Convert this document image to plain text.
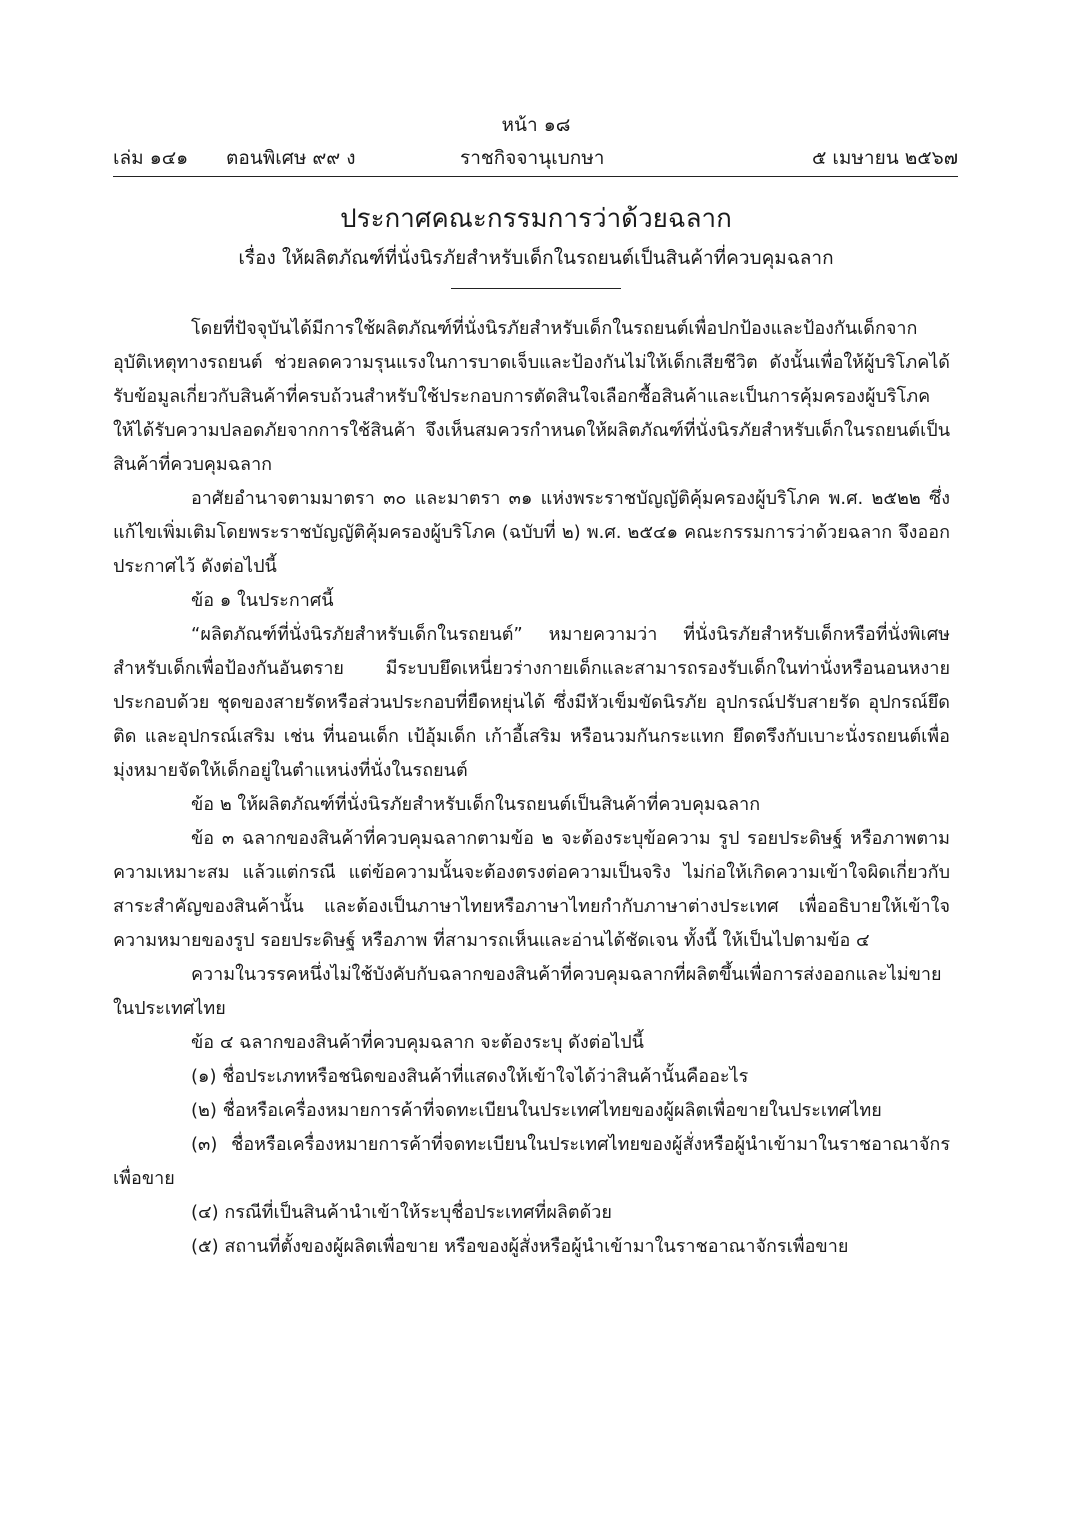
หน้า ๑๘
เล่ม ๑๔๑ ตอนพิเศษ ๙๙ ง	ราชกิจจานุเบกษา	๕ เมษายน ๒๕๖๗
ประกาศคณะกรรมการว่าด้วยฉลาก
เรื่อง ให้ผลิตภัณฑ์ที่นั่งนิรภัยสำหรับเด็กในรถยนต์เป็นสินค้าที่ควบคุมฉลาก

โดยที่ปัจจุบันได้มีการใช้ผลิตภัณฑ์ที่นั่งนิรภัยสำหรับเด็กในรถยนต์เพื่อปกป้องและป้องกันเด็กจากอุบัติเหตุทางรถยนต์ ช่วยลดความรุนแรงในการบาดเจ็บและป้องกันไม่ให้เด็กเสียชีวิต ดังนั้นเพื่อให้ผู้บริโภคได้รับข้อมูลเกี่ยวกับสินค้าที่ครบถ้วนสำหรับใช้ประกอบการตัดสินใจเลือกซื้อสินค้าและเป็นการคุ้มครองผู้บริโภคให้ได้รับความปลอดภัยจากการใช้สินค้า จึงเห็นสมควรกำหนดให้ผลิตภัณฑ์ที่นั่งนิรภัยสำหรับเด็กในรถยนต์เป็นสินค้าที่ควบคุมฉลาก

อาศัยอำนาจตามมาตรา ๓๐ และมาตรา ๓๑ แห่งพระราชบัญญัติคุ้มครองผู้บริโภค พ.ศ. ๒๕๒๒ ซึ่งแก้ไขเพิ่มเติมโดยพระราชบัญญัติคุ้มครองผู้บริโภค (ฉบับที่ ๒) พ.ศ. ๒๕๔๑ คณะกรรมการว่าด้วยฉลาก จึงออกประกาศไว้ ดังต่อไปนี้

ข้อ ๑ ในประกาศนี้

“ผลิตภัณฑ์ที่นั่งนิรภัยสำหรับเด็กในรถยนต์” หมายความว่า ที่นั่งนิรภัยสำหรับเด็กหรือที่นั่งพิเศษสำหรับเด็กเพื่อป้องกันอันตราย มีระบบยึดเหนี่ยวร่างกายเด็กและสามารถรองรับเด็กในท่านั่งหรือนอนหงาย ประกอบด้วย ชุดของสายรัดหรือส่วนประกอบที่ยืดหยุ่นได้ ซึ่งมีหัวเข็มขัดนิรภัย อุปกรณ์ปรับสายรัด อุปกรณ์ยึดติด และอุปกรณ์เสริม เช่น ที่นอนเด็ก เป้อุ้มเด็ก เก้าอี้เสริม หรือนวมกันกระแทก ยึดตรึงกับเบาะนั่งรถยนต์เพื่อมุ่งหมายจัดให้เด็กอยู่ในตำแหน่งที่นั่งในรถยนต์

ข้อ ๒ ให้ผลิตภัณฑ์ที่นั่งนิรภัยสำหรับเด็กในรถยนต์เป็นสินค้าที่ควบคุมฉลาก

ข้อ ๓ ฉลากของสินค้าที่ควบคุมฉลากตามข้อ ๒ จะต้องระบุข้อความ รูป รอยประดิษฐ์ หรือภาพตามความเหมาะสม แล้วแต่กรณี แต่ข้อความนั้นจะต้องตรงต่อความเป็นจริง ไม่ก่อให้เกิดความเข้าใจผิดเกี่ยวกับสาระสำคัญของสินค้านั้น และต้องเป็นภาษาไทยหรือภาษาไทยกำกับภาษาต่างประเทศ เพื่ออธิบายให้เข้าใจความหมายของรูป รอยประดิษฐ์ หรือภาพ ที่สามารถเห็นและอ่านได้ชัดเจน ทั้งนี้ ให้เป็นไปตามข้อ ๔

ความในวรรคหนึ่งไม่ใช้บังคับกับฉลากของสินค้าที่ควบคุมฉลากที่ผลิตขึ้นเพื่อการส่งออกและไม่ขายในประเทศไทย

ข้อ ๔ ฉลากของสินค้าที่ควบคุมฉลาก จะต้องระบุ ดังต่อไปนี้

(๑) ชื่อประเภทหรือชนิดของสินค้าที่แสดงให้เข้าใจได้ว่าสินค้านั้นคืออะไร

(๒) ชื่อหรือเครื่องหมายการค้าที่จดทะเบียนในประเทศไทยของผู้ผลิตเพื่อขายในประเทศไทย

(๓) ชื่อหรือเครื่องหมายการค้าที่จดทะเบียนในประเทศไทยของผู้สั่งหรือผู้นำเข้ามาในราชอาณาจักรเพื่อขาย

(๔) กรณีที่เป็นสินค้านำเข้าให้ระบุชื่อประเทศที่ผลิตด้วย

(๕) สถานที่ตั้งของผู้ผลิตเพื่อขาย หรือของผู้สั่งหรือผู้นำเข้ามาในราชอาณาจักรเพื่อขาย
